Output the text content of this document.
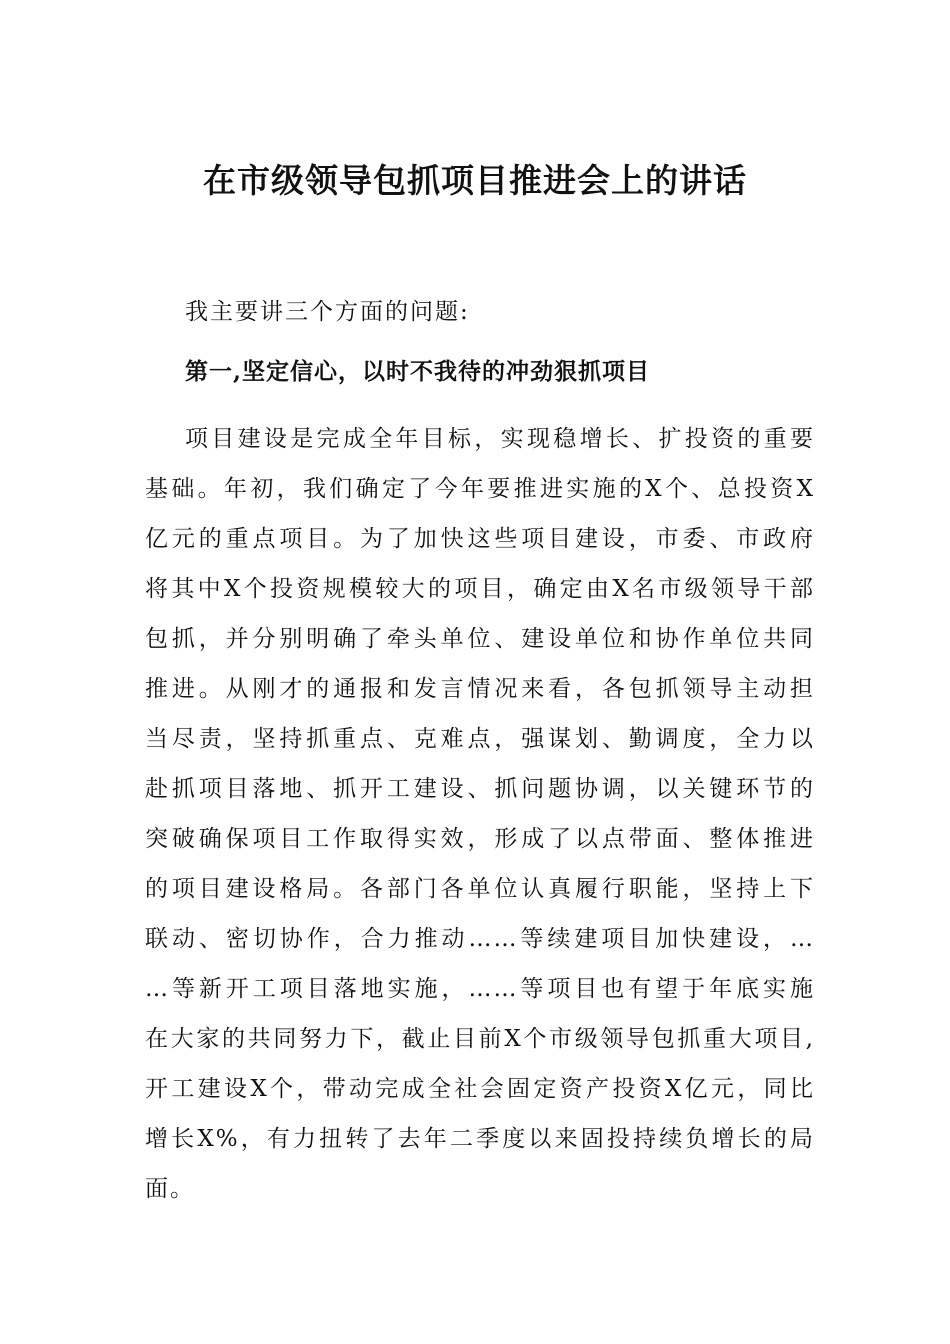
在市级领导包抓项目推进会上的讲话
我主要讲三个方面的问题:
第一,坚定信心，以时不我待的冲劲狠抓项目
项目建设是完成全年目标，实现稳增长、扩投资的重要
基础。年初，我们确定了今年要推进实施的X个、总投资X
亿元的重点项目。为了加快这些项目建设，市委、市政府
将其中X个投资规模较大的项目，确定由X名市级领导干部
包抓，并分别明确了牵头单位、建设单位和协作单位共同
推进。从刚才的通报和发言情况来看，各包抓领导主动担
当尽责，坚持抓重点、克难点，强谋划、勤调度，全力以
赴抓项目落地、抓开工建设、抓问题协调，以关键环节的
突破确保项目工作取得实效，形成了以点带面、整体推进
的项目建设格局。各部门各单位认真履行职能，坚持上下
联动、密切协作，合力推动……等续建项目加快建设，…
…等新开工项目落地实施，……等项目也有望于年底实施
在大家的共同努力下，截止目前X个市级领导包抓重大项目,
开工建设X个，带动完成全社会固定资产投资X亿元，同比
增长X%，有力扭转了去年二季度以来固投持续负增长的局
面。
